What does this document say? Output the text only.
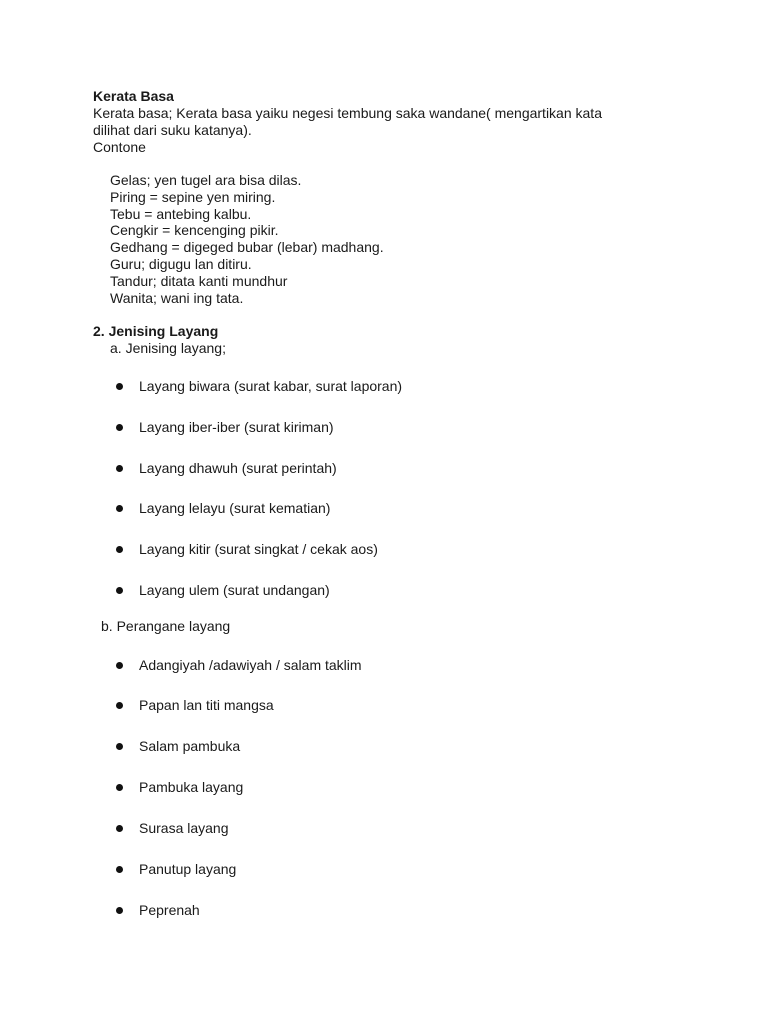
Kerata Basa
Kerata basa; Kerata basa yaiku negesi tembung saka wandane( mengartikan kata
dilihat dari suku katanya).
Contone
Gelas; yen tugel ara bisa dilas.
Piring = sepine yen miring.
Tebu = antebing kalbu.
Cengkir = kencenging pikir.
Gedhang = digeged bubar (lebar) madhang.
Guru; digugu lan ditiru.
Tandur; ditata kanti mundhur
Wanita; wani ing tata.
2. Jenising Layang
a. Jenising layang;
Layang biwara (surat kabar, surat laporan)
Layang iber-iber (surat kiriman)
Layang dhawuh (surat perintah)
Layang lelayu (surat kematian)
Layang kitir (surat singkat / cekak aos)
Layang ulem (surat undangan)
b. Perangane layang
Adangiyah /adawiyah / salam taklim
Papan lan titi mangsa
Salam pambuka
Pambuka layang
Surasa layang
Panutup layang
Peprenah
